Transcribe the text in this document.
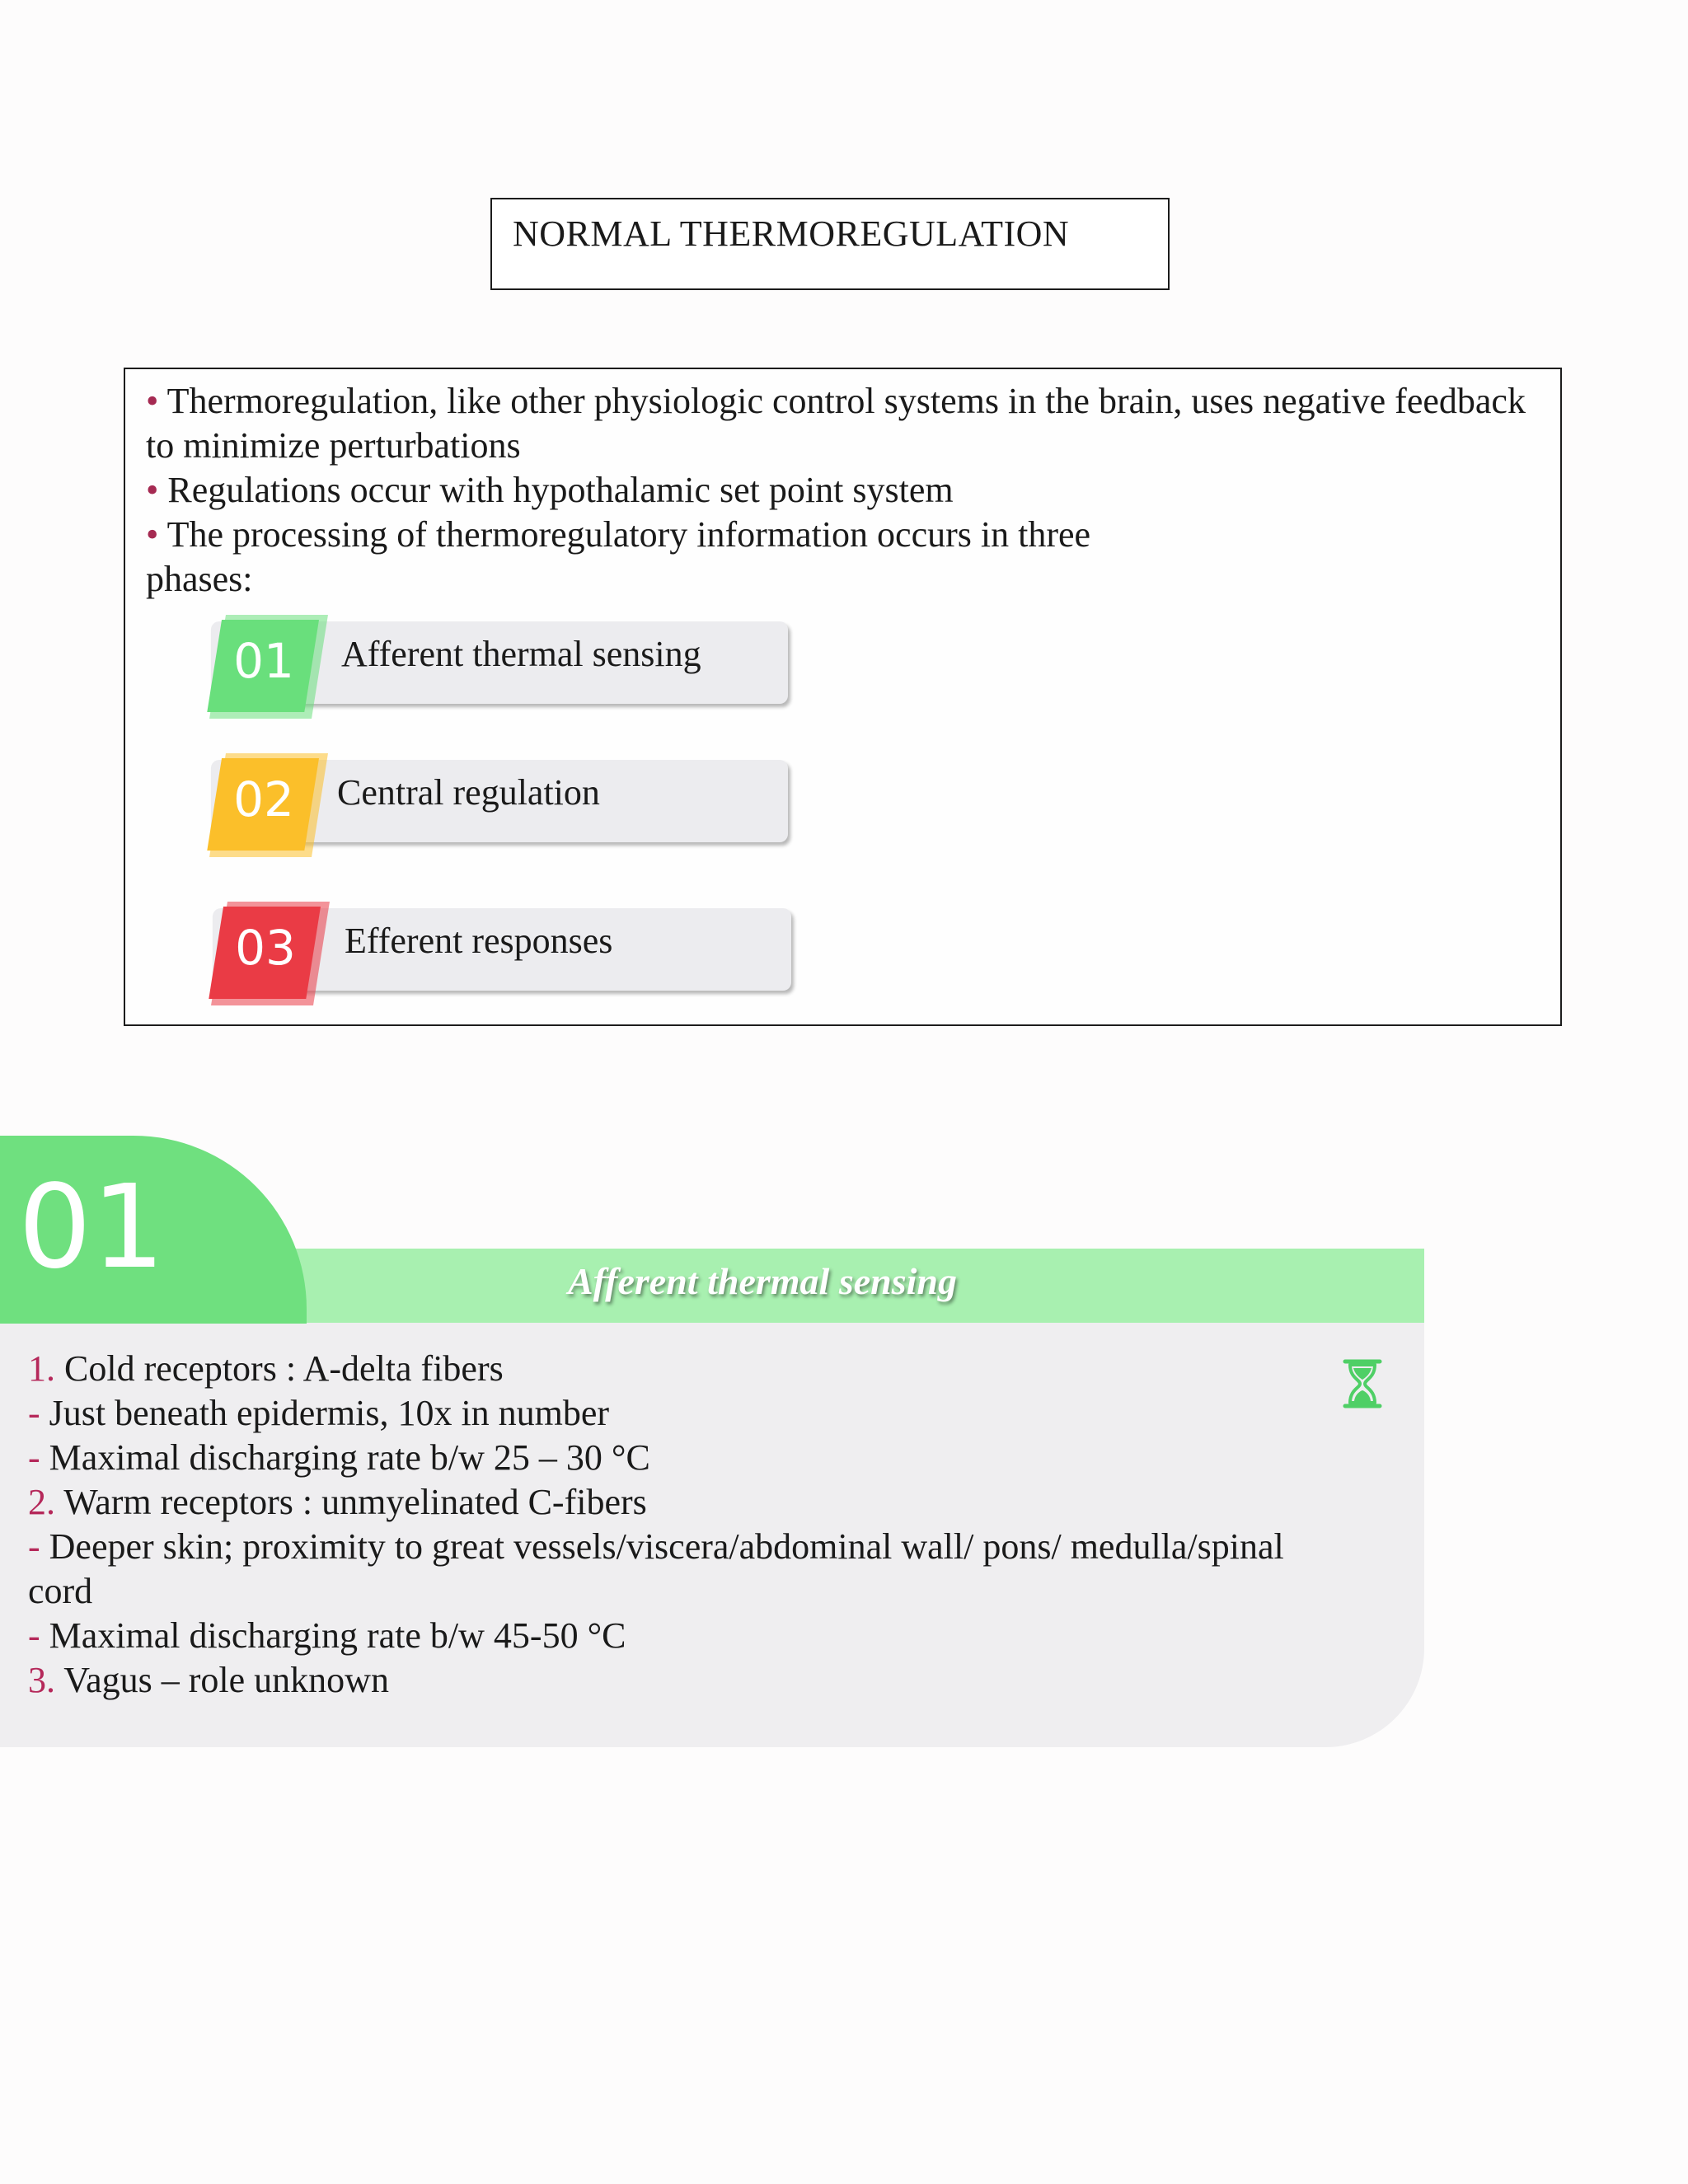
NORMAL THERMOREGULATION

• Thermoregulation, like other physiologic control systems in the brain, uses negative feedback to minimize perturbations

• Regulations occur with hypothalamic set point system

• The processing of thermoregulatory information occurs in three

phases:

01	Afferent thermal sensing
02	Central regulation
03	Efferent responses
01	Afferent thermal sensing

1. Cold receptors : A-delta fibers

- Just beneath epidermis, 10x in number

- Maximal discharging rate b/w 25 – 30 °C

2. Warm receptors : unmyelinated C-fibers

- Deeper skin; proximity to great vessels/viscera/abdominal wall/ pons/ medulla/spinal cord

- Maximal discharging rate b/w 45-50 °C

3. Vagus – role unknown
